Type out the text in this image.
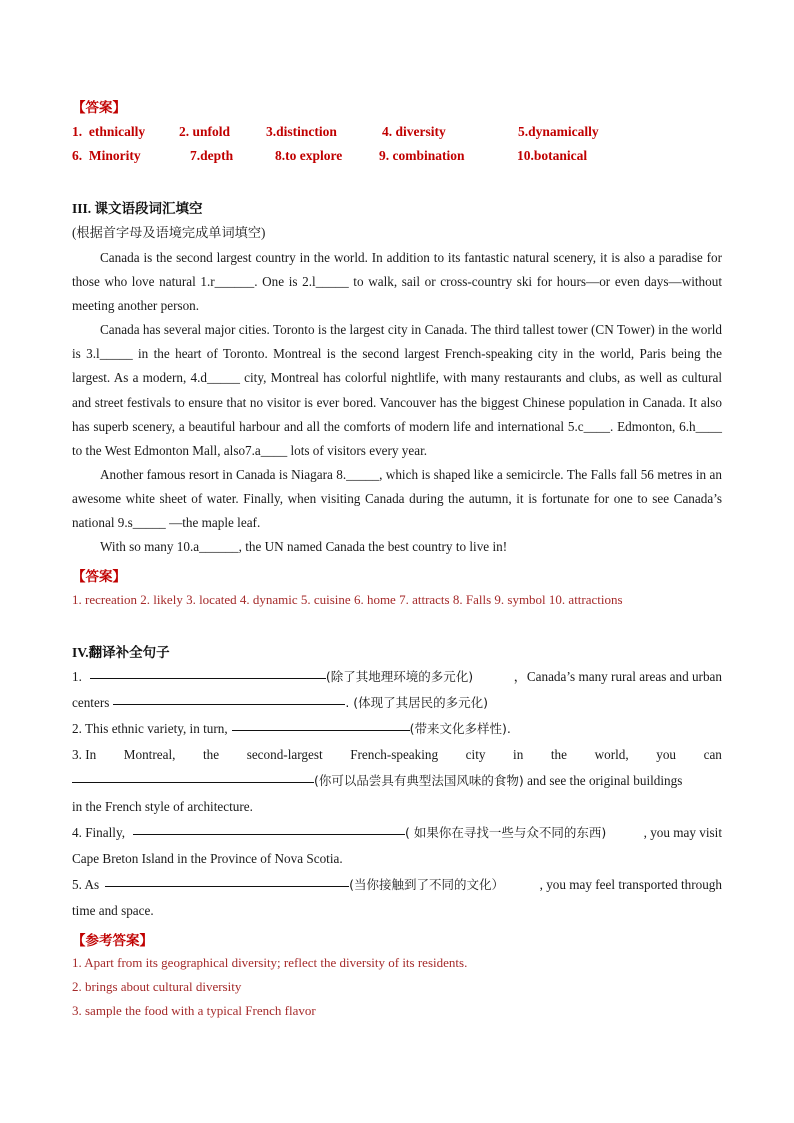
【答案】
1.  ethnically	2. unfold	3.distinction	4. diversity	5.dynamically
6.  Minority	7.depth	8.to explore	9. combination	10.botanical
III. 课文语段词汇填空
(根据首字母及语境完成单词填空)

Canada is the second largest country in the world. In addition to its fantastic natural scenery, it is also a paradise for those who love natural 1.r______. One is 2.l_____ to walk, sail or cross-country ski for hours—or even days—without meeting another person.

Canada has several major cities. Toronto is the largest city in Canada. The third tallest tower (CN Tower) in the world is 3.l_____ in the heart of Toronto. Montreal is the second largest French-speaking city in the world, Paris being the largest. As a modern, 4.d_____ city, Montreal has colorful nightlife, with many restaurants and clubs, as well as cultural and street festivals to ensure that no visitor is ever bored. Vancouver has the biggest Chinese population in Canada. It also has superb scenery, a beautiful harbour and all the comforts of modern life and international 5.c____. Edmonton, 6.h____ to the West Edmonton Mall, also7.a____ lots of visitors every year.

Another famous resort in Canada is Niagara 8._____, which is shaped like a semicircle. The Falls fall 56 metres in an awesome white sheet of water. Finally, when visiting Canada during the autumn, it is fortunate for one to see Canada’s national 9.s_____ —the maple leaf.

With so many 10.a______, the UN named Canada the best country to live in!

【答案】
1. recreation 2. likely 3. located 4. dynamic 5. cuisine 6. home 7. attracts 8. Falls 9. symbol 10. attractions
IV.翻译补全句子
1.	(除了其地理环境的多元化)	，Canada’s many rural areas and urban
centers	. (体现了其居民的多元化)
2. This ethnic variety, in turn,	(带来文化多样性).
3. In Montreal, the second-largest French-speaking city in the world, you can
(你可以品尝具有典型法国风味的食物) and see the original buildings
in the French style of architecture.
4. Finally,	( 如果你在寻找一些与众不同的东西)	, you may visit
Cape Breton Island in the Province of Nova Scotia.
5. As	(当你接触到了不同的文化）	, you may feel transported through
time and space.
【参考答案】
1. Apart from its geographical diversity; reflect the diversity of its residents.
2. brings about cultural diversity
3. sample the food with a typical French flavor
